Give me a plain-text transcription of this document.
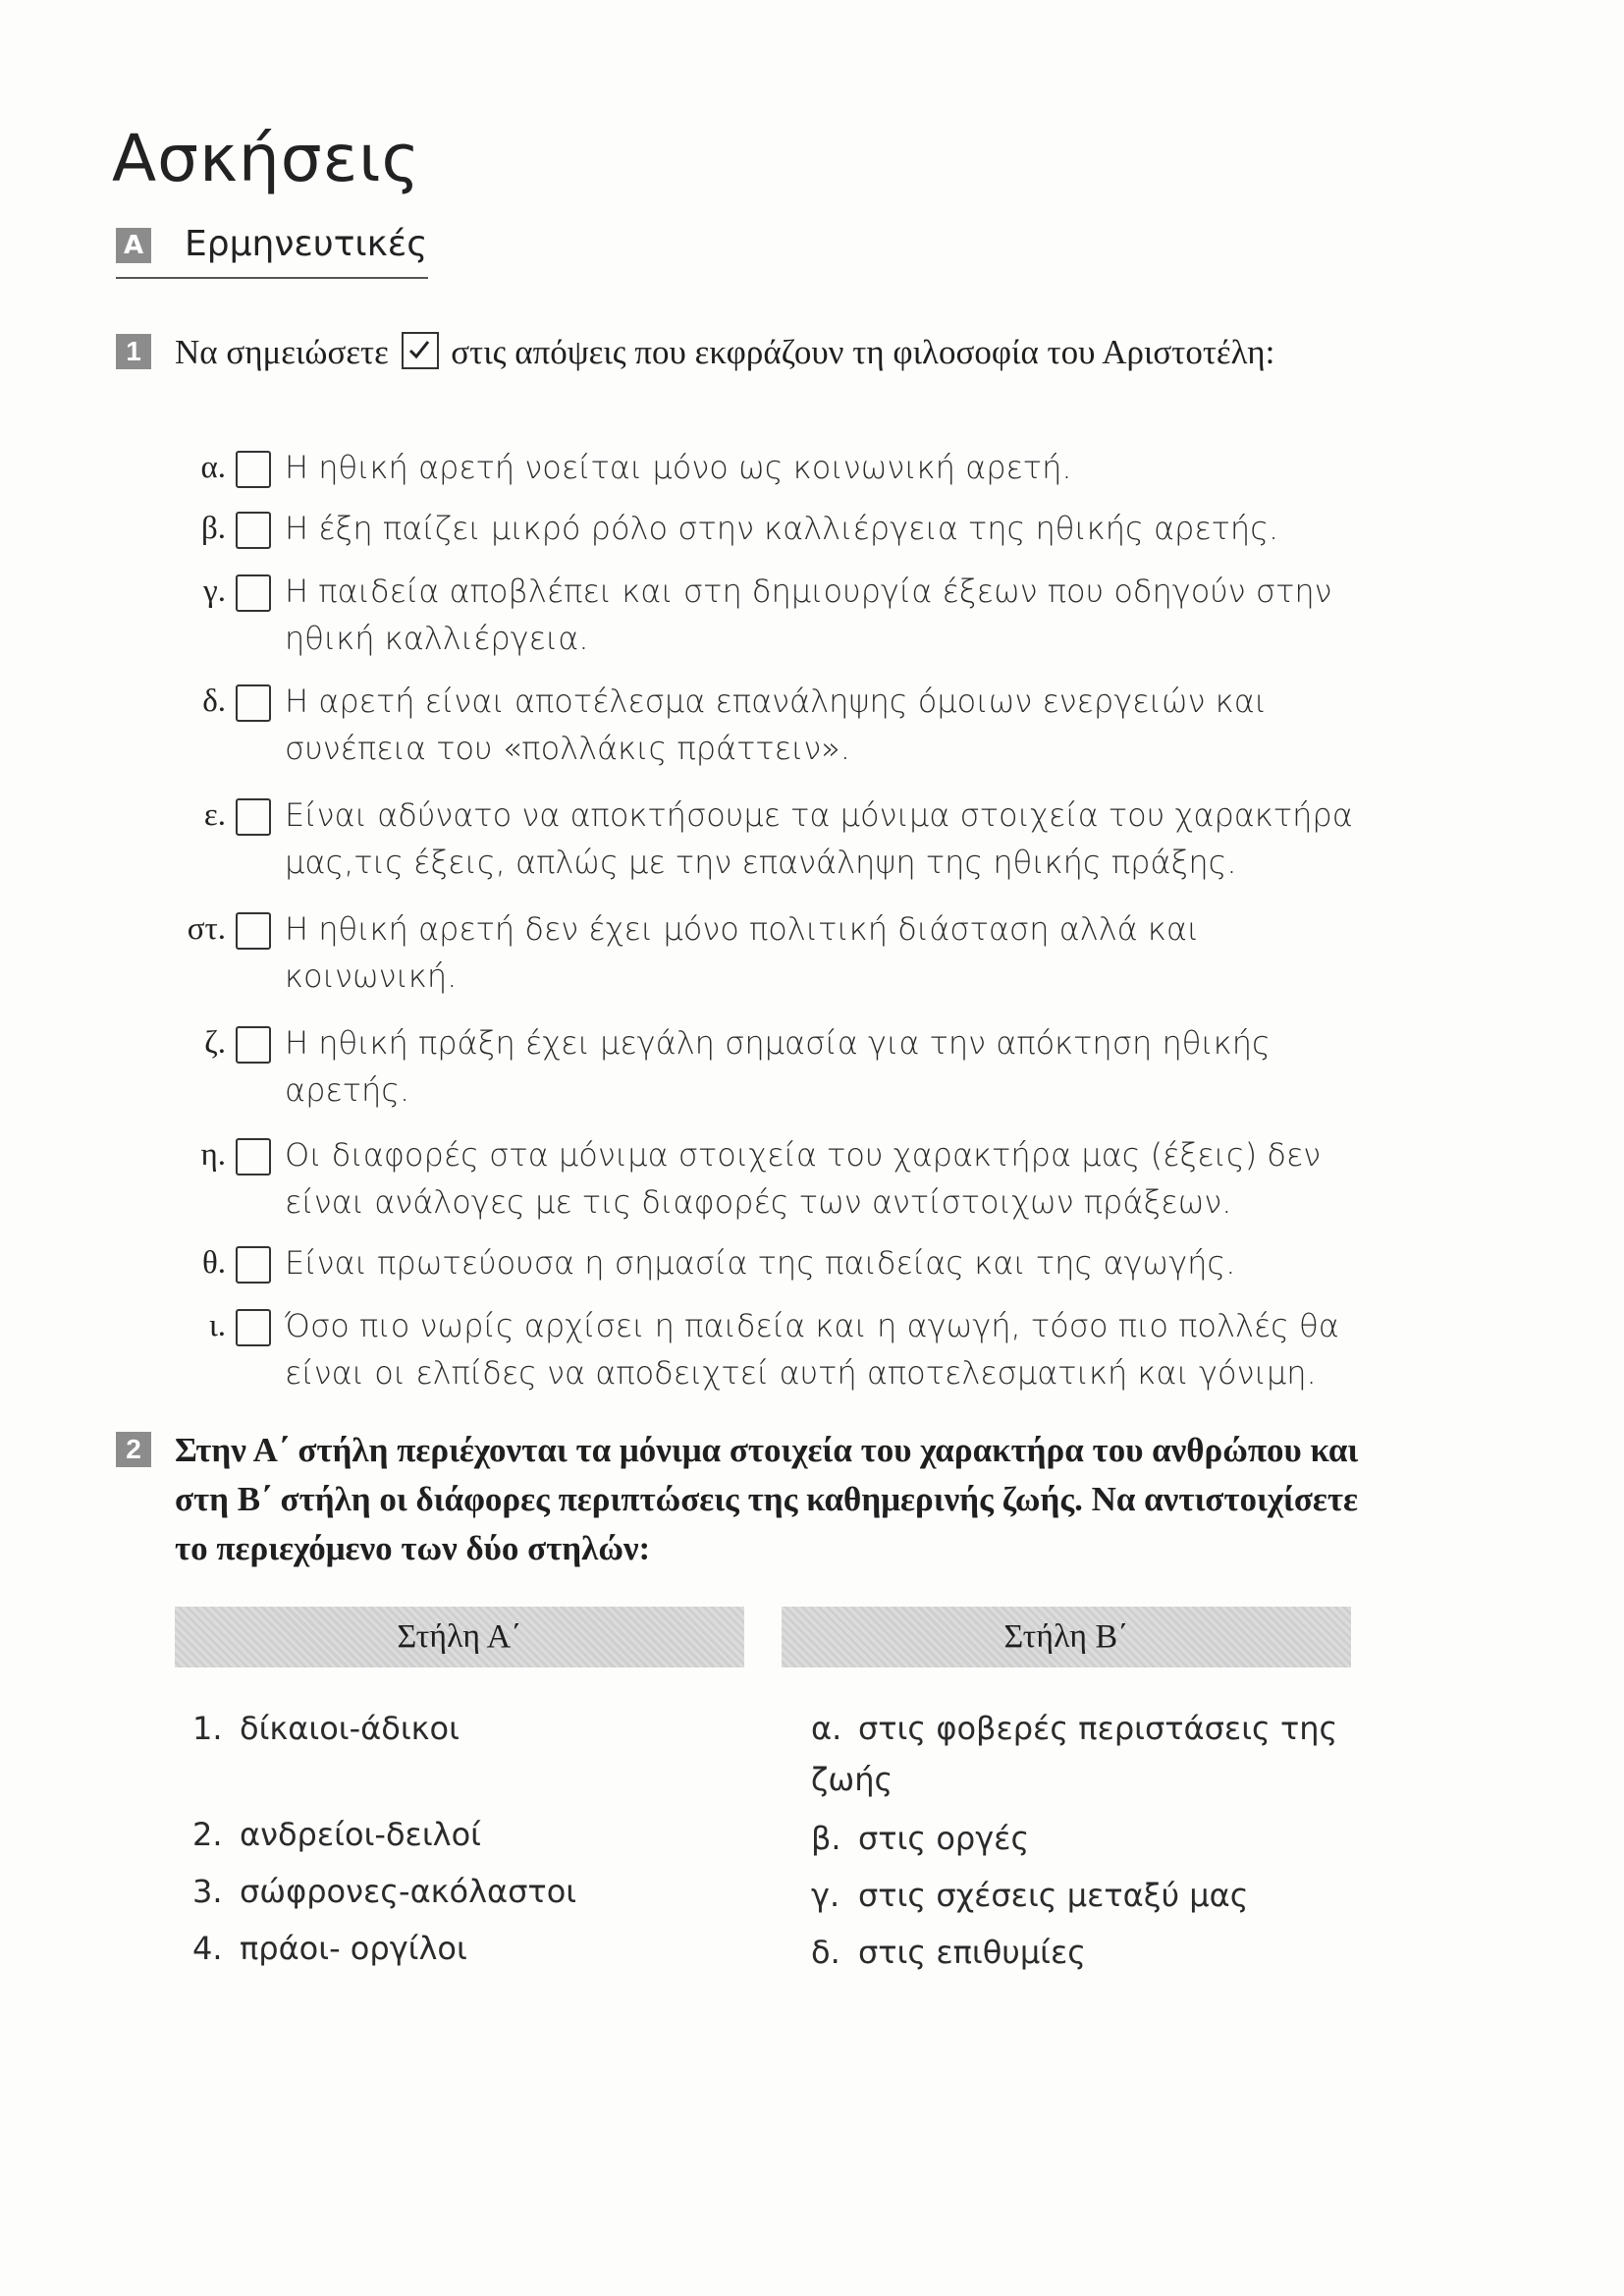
Ασκήσεις
A Ερμηνευτικές
1 Να σημειώσετε στις απόψεις που εκφράζουν τη φιλοσοφία του Αριστοτέλη:
α. Η ηθική αρετή νοείται μόνο ως κοινωνική αρετή.
β. Η έξη παίζει μικρό ρόλο στην καλλιέργεια της ηθικής αρετής.
γ. Η παιδεία αποβλέπει και στη δημιουργία έξεων που οδηγούν στην ηθική καλλιέργεια.
δ. Η αρετή είναι αποτέλεσμα επανάληψης όμοιων ενεργειών και συνέπεια του «πολλάκις πράττειν».
ε. Είναι αδύνατο να αποκτήσουμε τα μόνιμα στοιχεία του χαρακτήρα μας,τις έξεις, απλώς με την επανάληψη της ηθικής πράξης.
στ. Η ηθική αρετή δεν έχει μόνο πολιτική διάσταση αλλά και κοινωνική.
ζ. Η ηθική πράξη έχει μεγάλη σημασία για την απόκτηση ηθικής αρετής.
η. Οι διαφορές στα μόνιμα στοιχεία του χαρακτήρα μας (έξεις) δεν είναι ανάλογες με τις διαφορές των αντίστοιχων πράξεων.
θ. Είναι πρωτεύουσα η σημασία της παιδείας και της αγωγής.
ι. Όσο πιο νωρίς αρχίσει η παιδεία και η αγωγή, τόσο πιο πολλές θα είναι οι ελπίδες να αποδειχτεί αυτή αποτελεσματική και γόνιμη.
2 Στην Α΄ στήλη περιέχονται τα μόνιμα στοιχεία του χαρακτήρα του ανθρώπου και στη Β΄ στήλη οι διάφορες περιπτώσεις της καθημερινής ζωής. Να αντιστοιχίσετε το περιεχόμενο των δύο στηλών:
Στήλη Α΄	Στήλη Β΄
1. δίκαιοι-άδικοι
2. ανδρείοι-δειλοί
3. σώφρονες-ακόλαστοι
4. πράοι- οργίλοι
α. στις φοβερές περιστάσεις της ζωής
β. στις οργές
γ. στις σχέσεις μεταξύ μας
δ. στις επιθυμίες
